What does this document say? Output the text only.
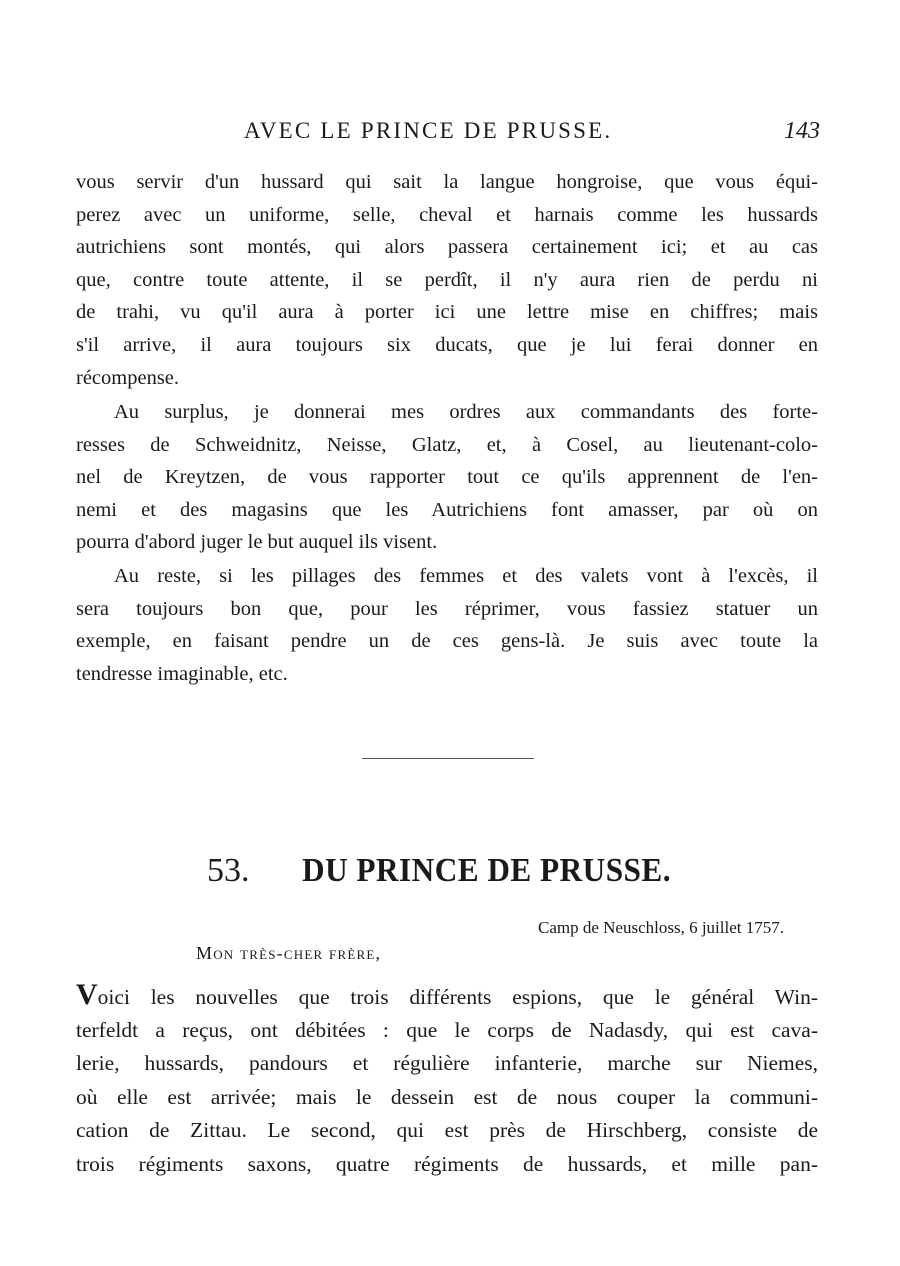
AVEC LE PRINCE DE PRUSSE.	143
vous servir d'un hussard qui sait la langue hongroise, que vous équi-
perez avec un uniforme, selle, cheval et harnais comme les hussards
autrichiens sont montés, qui alors passera certainement ici; et au cas
que, contre toute attente, il se perdît, il n'y aura rien de perdu ni
de trahi, vu qu'il aura à porter ici une lettre mise en chiffres; mais
s'il arrive, il aura toujours six ducats, que je lui ferai donner en
récompense.
Au surplus, je donnerai mes ordres aux commandants des forte-
resses de Schweidnitz, Neisse, Glatz, et, à Cosel, au lieutenant-colo-
nel de Kreytzen, de vous rapporter tout ce qu'ils apprennent de l'en-
nemi et des magasins que les Autrichiens font amasser, par où on
pourra d'abord juger le but auquel ils visent.
Au reste, si les pillages des femmes et des valets vont à l'excès, il
sera toujours bon que, pour les réprimer, vous fassiez statuer un
exemple, en faisant pendre un de ces gens-là. Je suis avec toute la
tendresse imaginable, etc.
53. DU PRINCE DE PRUSSE.
Camp de Neuschloss, 6 juillet 1757.
Mon très-cher frère,
Voici les nouvelles que trois différents espions, que le général Win-
terfeldt a reçus, ont débitées : que le corps de Nadasdy, qui est cava-
lerie, hussards, pandours et régulière infanterie, marche sur Niemes,
où elle est arrivée; mais le dessein est de nous couper la communi-
cation de Zittau. Le second, qui est près de Hirschberg, consiste de
trois régiments saxons, quatre régiments de hussards, et mille pan-
